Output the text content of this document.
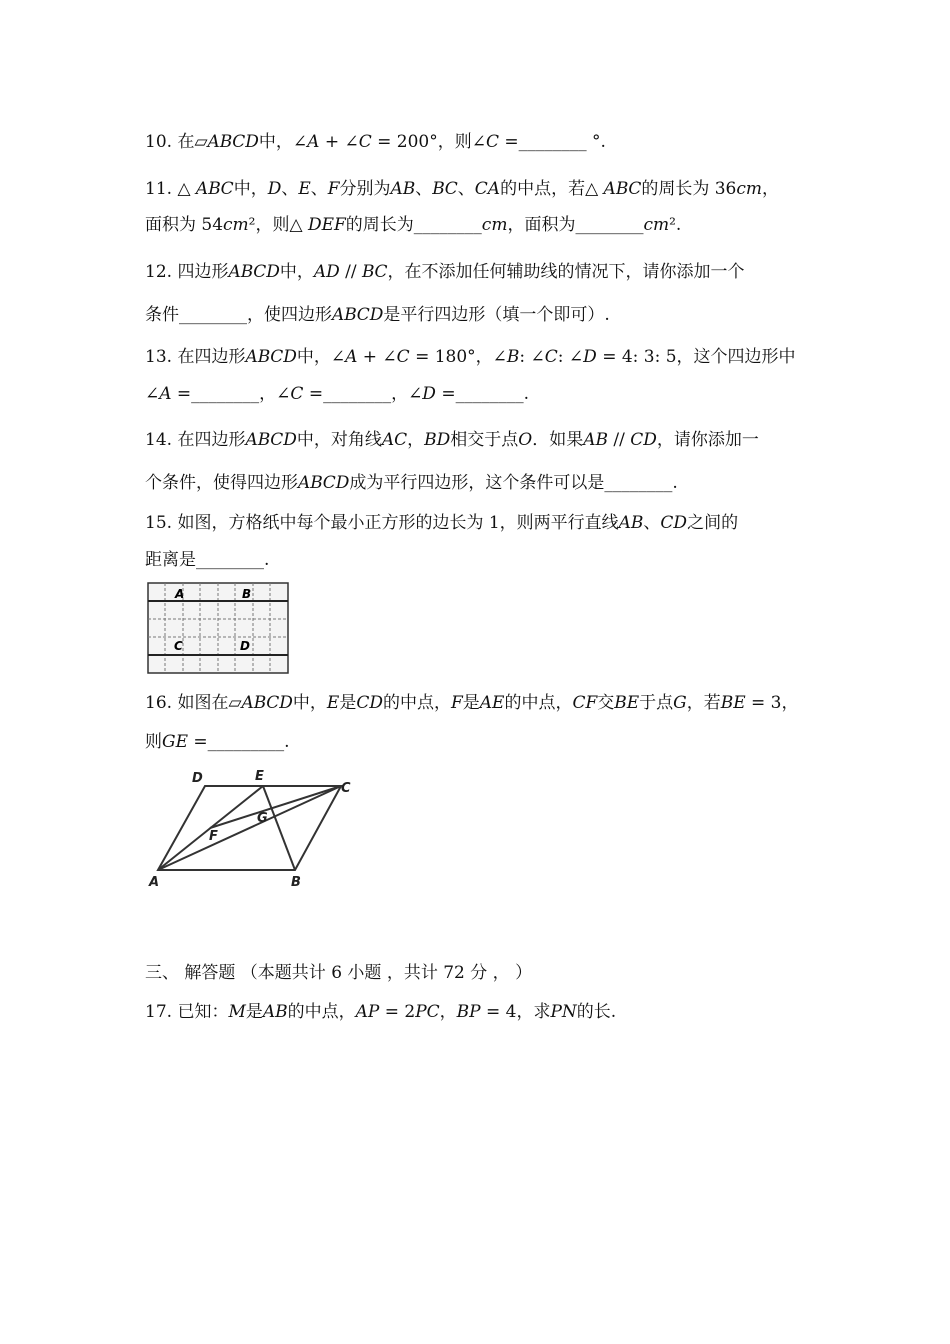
10. 在▱𝐴𝐵𝐶𝐷中，∠𝐴 + ∠𝐶 = 200°，则∠𝐶 =________ °.
11. △ 𝐴𝐵𝐶中，𝐷、𝐸、𝐹分别为𝐴𝐵、𝐵𝐶、𝐶𝐴的中点，若△ 𝐴𝐵𝐶的周长为 36𝑐𝑚，
面积为 54𝑐𝑚²，则△ 𝐷𝐸𝐹的周长为________𝑐𝑚，面积为________𝑐𝑚².
12. 四边形𝐴𝐵𝐶𝐷中，𝐴𝐷 // 𝐵𝐶，在不添加任何辅助线的情况下，请你添加一个
条件________，使四边形𝐴𝐵𝐶𝐷是平行四边形（填一个即可）.
13. 在四边形𝐴𝐵𝐶𝐷中，∠𝐴 + ∠𝐶 = 180°，∠𝐵: ∠𝐶: ∠𝐷 = 4: 3: 5，这个四边形中
∠𝐴 =________，∠𝐶 =________，∠𝐷 =________.
14. 在四边形𝐴𝐵𝐶𝐷中，对角线𝐴𝐶，𝐵𝐷相交于点𝑂．如果𝐴𝐵 // 𝐶𝐷，请你添加一
个条件，使得四边形𝐴𝐵𝐶𝐷成为平行四边形，这个条件可以是________.
15. 如图，方格纸中每个最小正方形的边长为 1，则两平行直线𝐴𝐵、𝐶𝐷之间的
距离是________.
16. 如图在▱𝐴𝐵𝐶𝐷中，𝐸是𝐶𝐷的中点，𝐹是𝐴𝐸的中点，𝐶𝐹交𝐵𝐸于点𝐺，若𝐵𝐸 = 3，
则𝐺𝐸 =_________.
三、 解答题 （本题共计 6 小题 ，共计 72 分 ， ）
17. 已知：𝑀是𝐴𝐵的中点，𝐴𝑃 = 2𝑃𝐶，𝐵𝑃 = 4，求𝑃𝑁的长.
A	B
C	D
D	E
C
G
F
A	B
